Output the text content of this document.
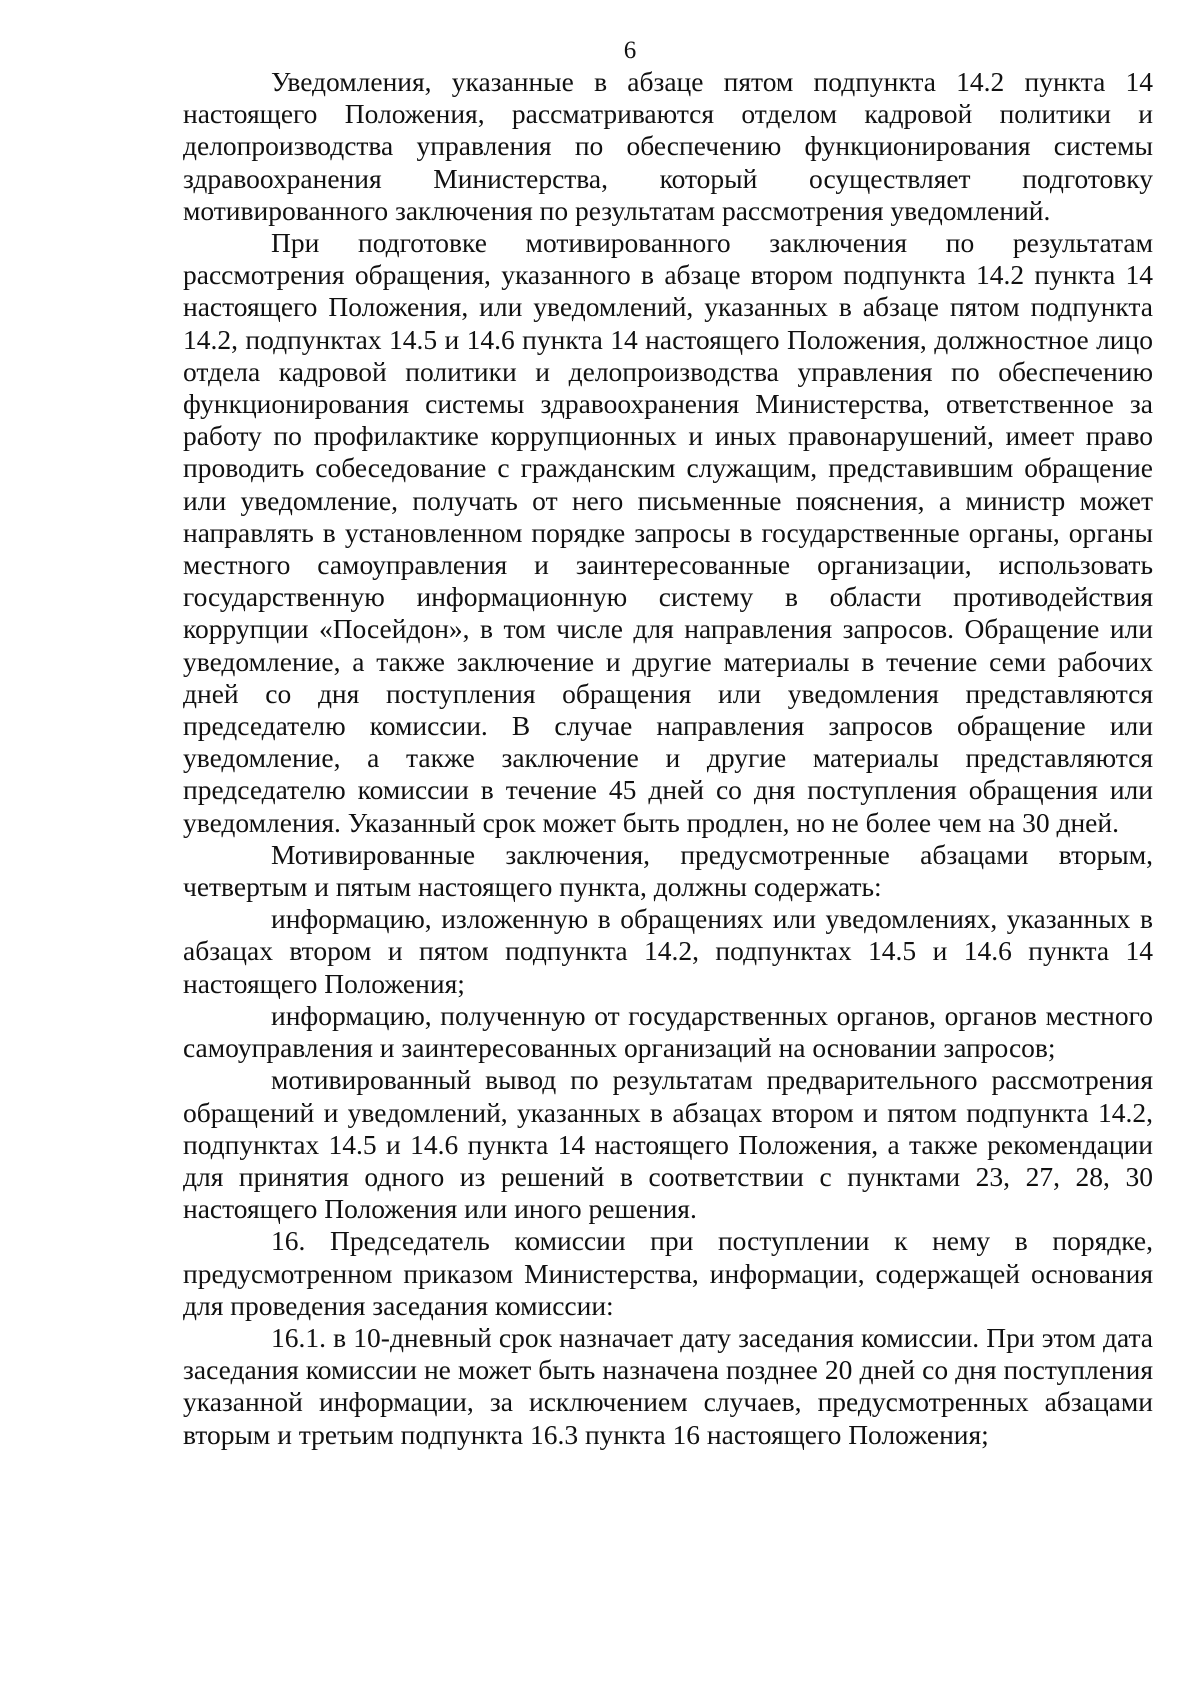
6

Уведомления, указанные в абзаце пятом подпункта 14.2 пункта 14 настоящего Положения, рассматриваются отделом кадровой политики и делопроизводства управления по обеспечению функционирования системы здравоохранения Министерства, который осуществляет подготовку мотивированного заключения по результатам рассмотрения уведомлений.

При подготовке мотивированного заключения по результатам рассмотрения обращения, указанного в абзаце втором подпункта 14.2 пункта 14 настоящего Положения, или уведомлений, указанных в абзаце пятом подпункта 14.2, подпунктах 14.5 и 14.6 пункта 14 настоящего Положения, должностное лицо отдела кадровой политики и делопроизводства управления по обеспечению функционирования системы здравоохранения Министерства, ответственное за работу по профилактике коррупционных и иных правонарушений, имеет право проводить собеседование с гражданским служащим, представившим обращение или уведомление, получать от него письменные пояснения, а министр может направлять в установленном порядке запросы в государственные органы, органы местного самоуправления и заинтересованные организации, использовать государственную информационную систему в области противодействия коррупции «Посейдон», в том числе для направления запросов. Обращение или уведомление, а также заключение и другие материалы в течение семи рабочих дней со дня поступления обращения или уведомления представляются председателю комиссии. В случае направления запросов обращение или уведомление, а также заключение и другие материалы представляются председателю комиссии в течение 45 дней со дня поступления обращения или уведомления. Указанный срок может быть продлен, но не более чем на 30 дней.

Мотивированные заключения, предусмотренные абзацами вторым, четвертым и пятым настоящего пункта, должны содержать:

информацию, изложенную в обращениях или уведомлениях, указанных в абзацах втором и пятом подпункта 14.2, подпунктах 14.5 и 14.6 пункта 14 настоящего Положения;

информацию, полученную от государственных органов, органов местного самоуправления и заинтересованных организаций на основании запросов;

мотивированный вывод по результатам предварительного рассмотрения обращений и уведомлений, указанных в абзацах втором и пятом подпункта 14.2, подпунктах 14.5 и 14.6 пункта 14 настоящего Положения, а также рекомендации для принятия одного из решений в соответствии с пунктами 23, 27, 28, 30 настоящего Положения или иного решения.

16. Председатель комиссии при поступлении к нему в порядке, предусмотренном приказом Министерства, информации, содержащей основания для проведения заседания комиссии:

16.1. в 10-дневный срок назначает дату заседания комиссии. При этом дата заседания комиссии не может быть назначена позднее 20 дней со дня поступления указанной информации, за исключением случаев, предусмотренных абзацами вторым и третьим подпункта 16.3 пункта 16 настоящего Положения;
